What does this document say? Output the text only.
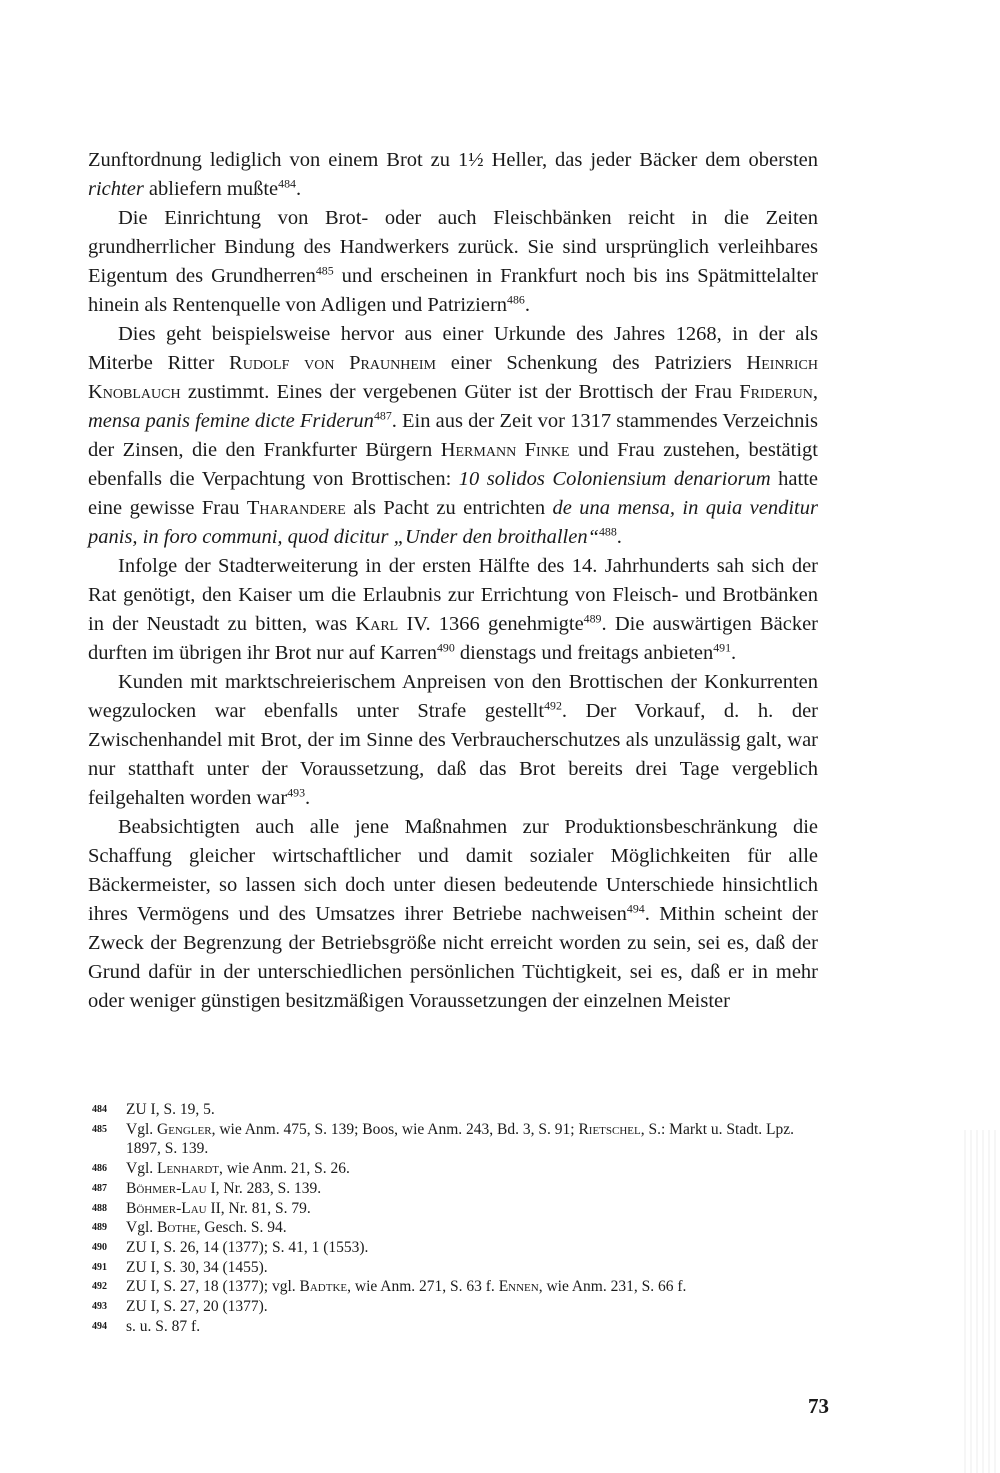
Zunftordnung lediglich von einem Brot zu 1½ Heller, das jeder Bäcker dem obersten richter abliefern mußte$^{484}$.
Die Einrichtung von Brot- oder auch Fleischbänken reicht in die Zeiten grundherrlicher Bindung des Handwerkers zurück. Sie sind ursprünglich verleihbares Eigentum des Grundherren$^{485}$ und erscheinen in Frankfurt noch bis ins Spätmittelalter hinein als Rentenquelle von Adligen und Patriziern$^{486}$.
Dies geht beispielsweise hervor aus einer Urkunde des Jahres 1268, in der als Miterbe Ritter Rudolf von Praunheim einer Schenkung des Patriziers Heinrich Knoblauch zustimmt. Eines der vergebenen Güter ist der Brottisch der Frau Friderun, mensa panis femine dicte Friderun$^{487}$. Ein aus der Zeit vor 1317 stammendes Verzeichnis der Zinsen, die den Frankfurter Bürgern Hermann Finke und Frau zustehen, bestätigt ebenfalls die Verpachtung von Brottischen: 10 solidos Coloniensium denariorum hatte eine gewisse Frau Tharandere als Pacht zu entrichten de una mensa, in quia venditur panis, in foro communi, quod dicitur „Under den broithallen“$^{488}$.
Infolge der Stadterweiterung in der ersten Hälfte des 14. Jahrhunderts sah sich der Rat genötigt, den Kaiser um die Erlaubnis zur Errichtung von Fleisch- und Brotbänken in der Neustadt zu bitten, was Karl IV. 1366 genehmigte$^{489}$. Die auswärtigen Bäcker durften im übrigen ihr Brot nur auf Karren$^{490}$ dienstags und freitags anbieten$^{491}$.
Kunden mit marktschreierischem Anpreisen von den Brottischen der Konkurrenten wegzulocken war ebenfalls unter Strafe gestellt$^{492}$. Der Vorkauf, d. h. der Zwischenhandel mit Brot, der im Sinne des Verbraucherschutzes als unzulässig galt, war nur statthaft unter der Voraussetzung, daß das Brot bereits drei Tage vergeblich feilgehalten worden war$^{493}$.
Beabsichtigten auch alle jene Maßnahmen zur Produktionsbeschränkung die Schaffung gleicher wirtschaftlicher und damit sozialer Möglichkeiten für alle Bäckermeister, so lassen sich doch unter diesen bedeutende Unterschiede hinsichtlich ihres Vermögens und des Umsatzes ihrer Betriebe nachweisen$^{494}$. Mithin scheint der Zweck der Begrenzung der Betriebsgröße nicht erreicht worden zu sein, sei es, daß der Grund dafür in der unterschiedlichen persönlichen Tüchtigkeit, sei es, daß er in mehr oder weniger günstigen besitzmäßigen Voraussetzungen der einzelnen Meister
484 ZU I, S. 19, 5.
485 Vgl. Gengler, wie Anm. 475, S. 139; Boos, wie Anm. 243, Bd. 3, S. 91; Rietschel, S.: Markt u. Stadt. Lpz. 1897, S. 139.
486 Vgl. Lenhardt, wie Anm. 21, S. 26.
487 Böhmer-Lau I, Nr. 283, S. 139.
488 Böhmer-Lau II, Nr. 81, S. 79.
489 Vgl. Bothe, Gesch. S. 94.
490 ZU I, S. 26, 14 (1377); S. 41, 1 (1553).
491 ZU I, S. 30, 34 (1455).
492 ZU I, S. 27, 18 (1377); vgl. Badtke, wie Anm. 271, S. 63 f. Ennen, wie Anm. 231, S. 66 f.
493 ZU I, S. 27, 20 (1377).
494 s. u. S. 87 f.
73
